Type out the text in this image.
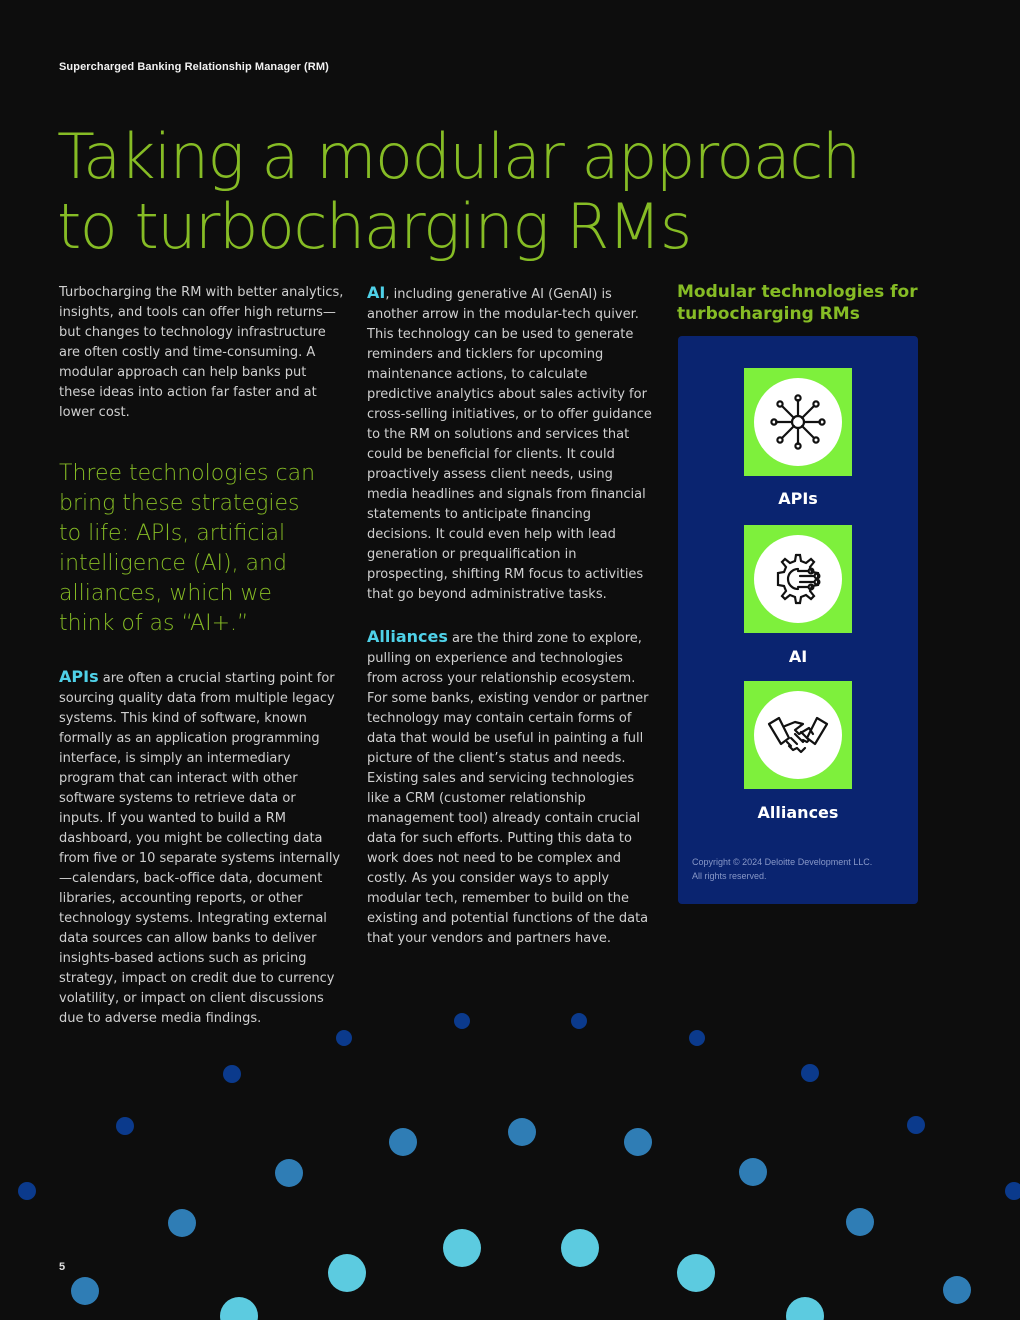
Supercharged Banking Relationship Manager (RM)
Taking a modular approach to turbocharging RMs

Turbocharging the RM with better analytics, insights, and tools can offer high returns—but changes to technology infrastructure are often costly and time-consuming. A modular approach can help banks put these ideas into action far faster and at lower cost.

Three technologies can bring these strategies to life: APIs, artificial intelligence (AI), and alliances, which we think of as “AI+.”

APIs are often a crucial starting point for sourcing quality data from multiple legacy systems. This kind of software, known formally as an application programming interface, is simply an intermediary program that can interact with other software systems to retrieve data or inputs. If you wanted to build a RM dashboard, you might be collecting data from five or 10 separate systems internally—calendars, back-office data, document libraries, accounting reports, or other technology systems. Integrating external data sources can allow banks to deliver insights-based actions such as pricing strategy, impact on credit due to currency volatility, or impact on client discussions due to adverse media findings.

AI, including generative AI (GenAI) is another arrow in the modular-tech quiver. This technology can be used to generate reminders and ticklers for upcoming maintenance actions, to calculate predictive analytics about sales activity for cross-selling initiatives, or to offer guidance to the RM on solutions and services that could be beneficial for clients. It could proactively assess client needs, using media headlines and signals from financial statements to anticipate financing decisions. It could even help with lead generation or prequalification in prospecting, shifting RM focus to activities that go beyond administrative tasks.

Alliances are the third zone to explore, pulling on experience and technologies from across your relationship ecosystem. For some banks, existing vendor or partner technology may contain certain forms of data that would be useful in painting a full picture of the client’s status and needs. Existing sales and servicing technologies like a CRM (customer relationship management tool) already contain crucial data for such efforts. Putting this data to work does not need to be complex and costly. As you consider ways to apply modular tech, remember to build on the existing and potential functions of the data that your vendors and partners have.

Modular technologies for turbocharging RMs
APIs
AI
Alliances
Copyright © 2024 Deloitte Development LLC.
All rights reserved.
5
